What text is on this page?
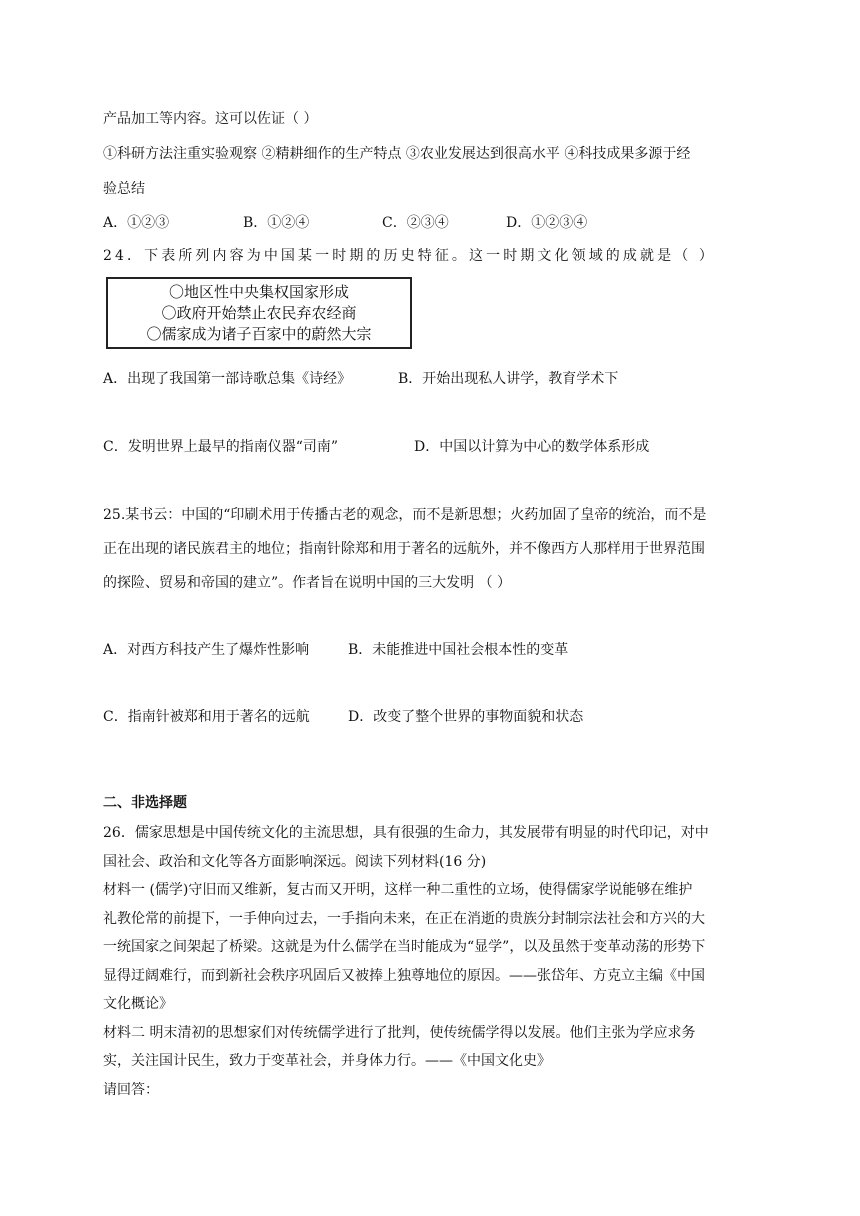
产品加工等内容。这可以佐证（ ）
①科研方法注重实验观察 ②精耕细作的生产特点 ③农业发展达到很高水平 ④科技成果多源于经
验总结
A．①②③	B．①②④	C．②③④	D．①②③④
24．下表所列内容为中国某一时期的历史特征。这一时期文化领域的成就是（ ）
〇地区性中央集权国家形成
〇政府开始禁止农民弃农经商
〇儒家成为诸子百家中的蔚然大宗
A．出现了我国第一部诗歌总集《诗经》	B．开始出现私人讲学，教育学术下
C．发明世界上最早的指南仪器“司南”	D．中国以计算为中心的数学体系形成
25.某书云：中国的“印刷术用于传播古老的观念，而不是新思想；火药加固了皇帝的统治，而不是
正在出现的诸民族君主的地位；指南针除郑和用于著名的远航外，并不像西方人那样用于世界范围
的探险、贸易和帝国的建立”。作者旨在说明中国的三大发明 （ ）
A．对西方科技产生了爆炸性影响	B．未能推进中国社会根本性的变革
C．指南针被郑和用于著名的远航	D．改变了整个世界的事物面貌和状态
二、非选择题
26．儒家思想是中国传统文化的主流思想，具有很强的生命力，其发展带有明显的时代印记，对中
国社会、政治和文化等各方面影响深远。阅读下列材料(16 分)
材料一 (儒学)守旧而又维新，复古而又开明，这样一种二重性的立场，使得儒家学说能够在维护
礼教伦常的前提下，一手伸向过去，一手指向未来，在正在消逝的贵族分封制宗法社会和方兴的大
一统国家之间架起了桥梁。这就是为什么儒学在当时能成为“显学”，以及虽然于变革动荡的形势下
显得迂阔难行，而到新社会秩序巩固后又被捧上独尊地位的原因。——张岱年、方克立主编《中国
文化概论》
材料二 明末清初的思想家们对传统儒学进行了批判，使传统儒学得以发展。他们主张为学应求务
实，关注国计民生，致力于变革社会，并身体力行。——《中国文化史》
请回答：
